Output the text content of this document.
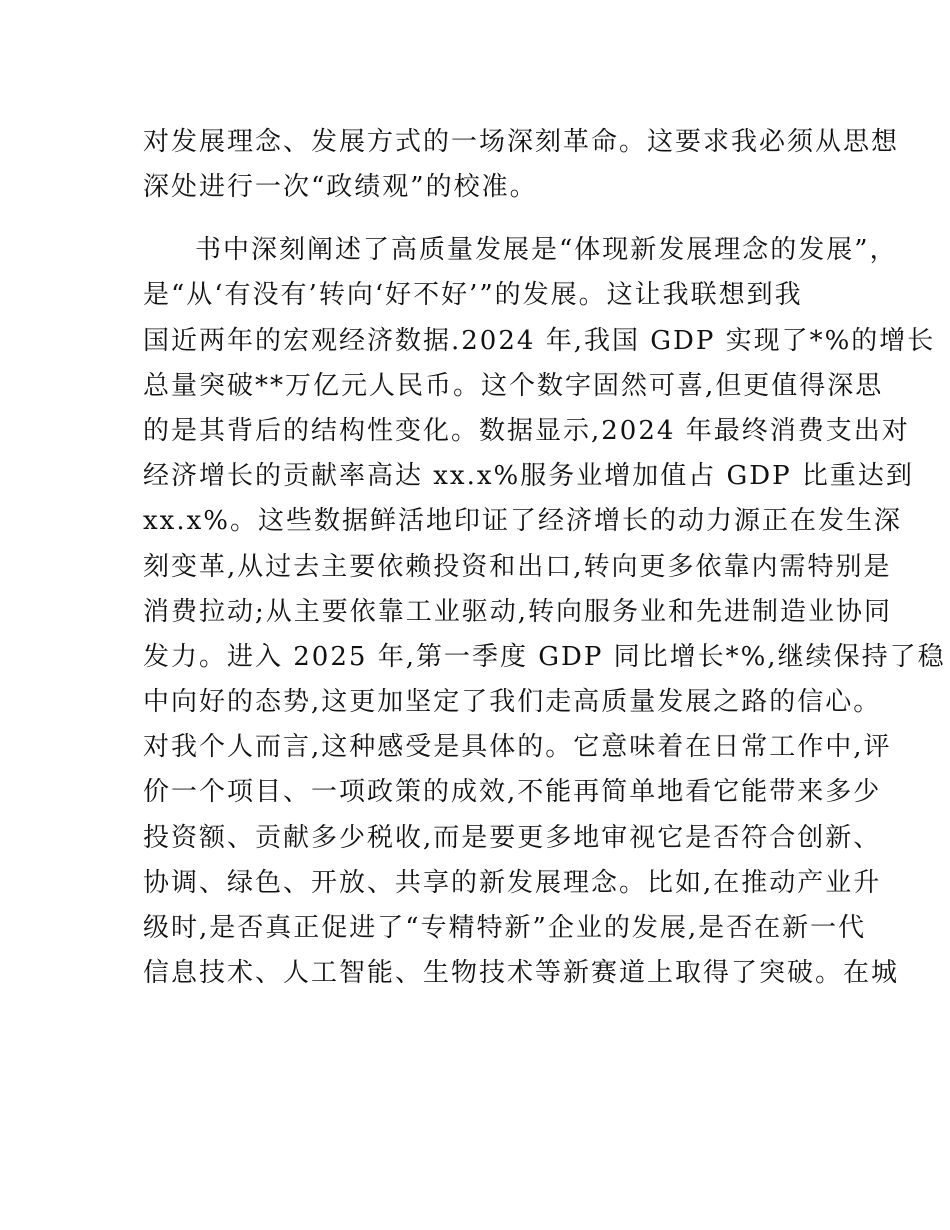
对发展理念、发展方式的一场深刻革命。这要求我必须从思想
深处进行一次“政绩观”的校准。
书中深刻阐述了高质量发展是“体现新发展理念的发展”，
是“从‘有没有’转向‘好不好’”的发展。这让我联想到我
国近两年的宏观经济数据.2024 年,我国 GDP 实现了*%的增长
总量突破**万亿元人民币。这个数字固然可喜,但更值得深思
的是其背后的结构性变化。数据显示,2024 年最终消费支出对
经济增长的贡献率高达 xx.x%服务业增加值占 GDP 比重达到
xx.x%。这些数据鲜活地印证了经济增长的动力源正在发生深
刻变革,从过去主要依赖投资和出口,转向更多依靠内需特别是
消费拉动;从主要依靠工业驱动,转向服务业和先进制造业协同
发力。进入 2025 年,第一季度 GDP 同比增长*%,继续保持了稳
中向好的态势,这更加坚定了我们走高质量发展之路的信心。
对我个人而言,这种感受是具体的。它意味着在日常工作中,评
价一个项目、一项政策的成效,不能再简单地看它能带来多少
投资额、贡献多少税收,而是要更多地审视它是否符合创新、
协调、绿色、开放、共享的新发展理念。比如,在推动产业升
级时,是否真正促进了“专精特新”企业的发展,是否在新一代
信息技术、人工智能、生物技术等新赛道上取得了突破。在城
